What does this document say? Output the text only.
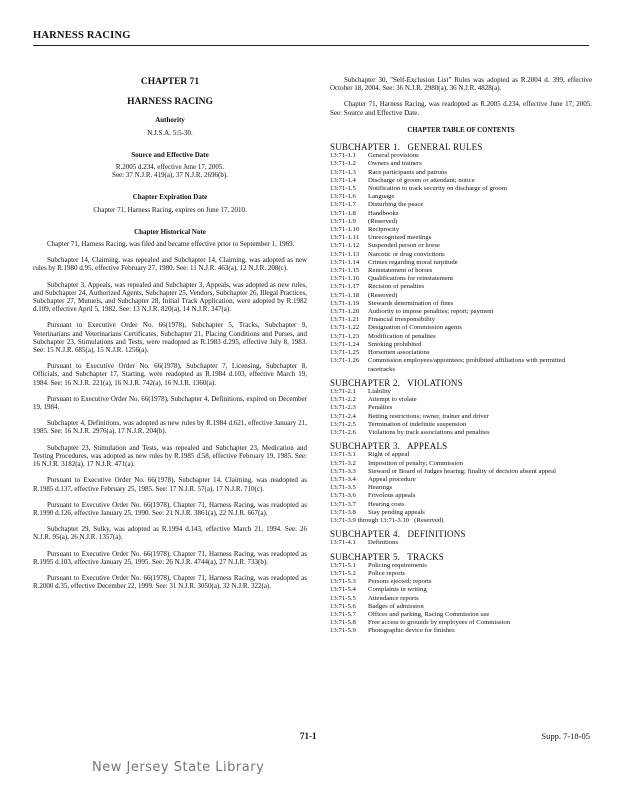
HARNESS RACING
CHAPTER 71
HARNESS RACING
Authority
N.J.S.A. 5:5-30.
Source and Effective Date
R.2005 d.234, effective June 17, 2005.
See: 37 N.J.R. 419(a), 37 N.J.R. 2696(b).
Chapter Expiration Date
Chapter 71, Harness Racing, expires on June 17, 2010.
Chapter Historical Note

Chapter 71, Harness Racing, was filed and became effective prior to September 1, 1969.

Subchapter 14, Claiming, was repealed and Subchapter 14, Claiming, was adopted as new rules by R.1980 d.95, effective February 27, 1980. See: 11 N.J.R. 463(a), 12 N.J.R. 208(c).

Subchapter 3, Appeals, was repealed and Subchapter 3, Appeals, was adopted as new rules, and Subchapter 24, Authorized Agents, Subchapter 25, Vendors, Subchapter 26, Illegal Practices, Subchapter 27, Mutuels, and Subchapter 28, Initial Track Application, were adopted by R.1982 d.109, effective April 5, 1982. See: 13 N.J.R. 820(a), 14 N.J.R. 347(a).

Pursuant to Executive Order No. 66(1978), Subchapter 5, Tracks, Subchapter 9, Veterinarians and Veterinarians Certificates, Subchapter 21, Placing Conditions and Purses, and Subchapter 23, Stimulations and Tests, were readopted as R.1983 d.295, effective July 8, 1983. See: 15 N.J.R. 685(a), 15 N.J.R. 1256(a).

Pursuant to Executive Order No. 66(1978), Subchapter 7, Licensing, Subchapter 8, Officials, and Subchapter 17, Starting, were readopted as R.1984 d.103, effective March 19, 1984. See: 16 N.J.R. 221(a), 16 N.J.R. 742(a), 16 N.J.R. 1360(a).

Pursuant to Executive Order No. 66(1978), Subchapter 4, Definitions, expired on December 19, 1984.

Subchapter 4, Definitions, was adopted as new rules by R.1984 d.621, effective January 21, 1985. See: 16 N.J.R. 2976(a), 17 N.J.R. 204(b).

Subchapter 23, Stimulation and Tests, was repealed and Subchapter 23, Medication and Testing Procedures, was adopted as new rules by R.1985 d.58, effective February 19, 1985. See: 16 N.J.R. 3182(a), 17 N.J.R. 471(a).

Pursuant to Executive Order No. 66(1978), Subchapter 14, Claiming, was readopted as R.1985 d.137, effective February 25, 1985. See: 17 N.J.R. 57(a), 17 N.J.R. 710(c).

Pursuant to Executive Order No. 66(1978), Chapter 71, Harness Racing, was readopted as R.1990 d.126, effective January 25, 1990. See: 21 N.J.R. 3861(a), 22 N.J.R. 667(a).

Subchapter 29, Sulky, was adopted as R.1994 d.143, effective March 21, 1994. See: 26 N.J.R. 95(a), 26 N.J.R. 1357(a).

Pursuant to Executive Order No. 66(1978), Chapter 71, Harness Racing, was readopted as R.1995 d.103, effective January 25, 1995. See: 26 N.J.R. 4744(a), 27 N.J.R. 733(b).

Pursuant to Executive Order No. 66(1978), Chapter 71, Harness Racing, was readopted as R.2000 d.35, effective December 22, 1999. See: 31 N.J.R. 3050(a), 32 N.J.R. 322(a).

Subchapter 30, "Self-Exclusion List" Rules was adopted as R.2004 d. 399, effective October 18, 2004. See: 36 N.J.R. 2980(a), 36 N.J.R. 4828(a).

Chapter 71, Harness Racing, was readopted as R.2005 d.234, effective June 17, 2005. See: Source and Effective Date.

CHAPTER TABLE OF CONTENTS
SUBCHAPTER 1.   GENERAL RULES
13:71-1.1	General provisions
13:71-1.2	Owners and trainers
13:71-1.3	Race participants and patrons
13:71-1.4	Discharge of groom or attendant; notice
13:71-1.5	Notification to track security on discharge of groom
13:71-1.6	Language
13:71-1.7	Disturbing the peace
13:71-1.8	Handbooks
13:71-1.9	(Reserved)
13:71-1.10	Reciprocity
13:71-1.11	Unrecognized meetings
13:71-1.12	Suspended person or horse
13:71-1.13	Narcotic or drug convictions
13:71-1.14	Crimes regarding moral turpitude
13:71-1.15	Reinstatement of horses
13:71-1.16	Qualifications for reinstatement
13:71-1.17	Recision of penalties
13:71-1.18	(Reserved)
13:71-1.19	Stewards determination of fines
13:71-1.20	Authority to impose penalties; report; payment
13:71-1.21	Financial irresponsibility
13:71-1.22	Designation of Commission agents
13:71-1.23	Modification of penalties
13:71-1.24	Smoking prohibited
13:71-1.25	Horsemen associations
13:71-1.26	Commission employees/appointees; prohibited affiliations with permitted racetracks
SUBCHAPTER 2.   VIOLATIONS
13:71-2.1	Liability
13:71-2.2	Attempt to violate
13:71-2.3	Penalties
13:71-2.4	Betting restrictions; owner, trainer and driver
13:71-2.5	Termination of indefinite suspension
13:71-2.6	Violations by track associations and penalties
SUBCHAPTER 3.   APPEALS
13:71-3.1	Right of appeal
13:71-3.2	Imposition of penalty; Commission
13:71-3.3	Steward or Board of Judges hearing; finality of decision absent appeal
13:71-3.4	Appeal procedure
13:71-3.5	Hearings
13:71-3.6	Frivolous appeals
13:71-3.7	Hearing costs
13:71-3.8	Stay pending appeals
13:71-3.9 through 13:71-3.10   (Reserved)
SUBCHAPTER 4.   DEFINITIONS
13:71-4.1	Definitions
SUBCHAPTER 5.   TRACKS
13:71-5.1	Policing requirements
13:71-5.2	Police reports
13:71-5.3	Persons ejected; reports
13:71-5.4	Complaints in writing
13:71-5.5	Attendance reports
13:71-5.6	Badges of admission
13:71-5.7	Offices and parking, Racing Commission use
13:71-5.8	Free access to grounds by employees of Commission
13:71-5.9	Photographic device for finishes
71-1	Supp. 7-18-05
New Jersey State Library
